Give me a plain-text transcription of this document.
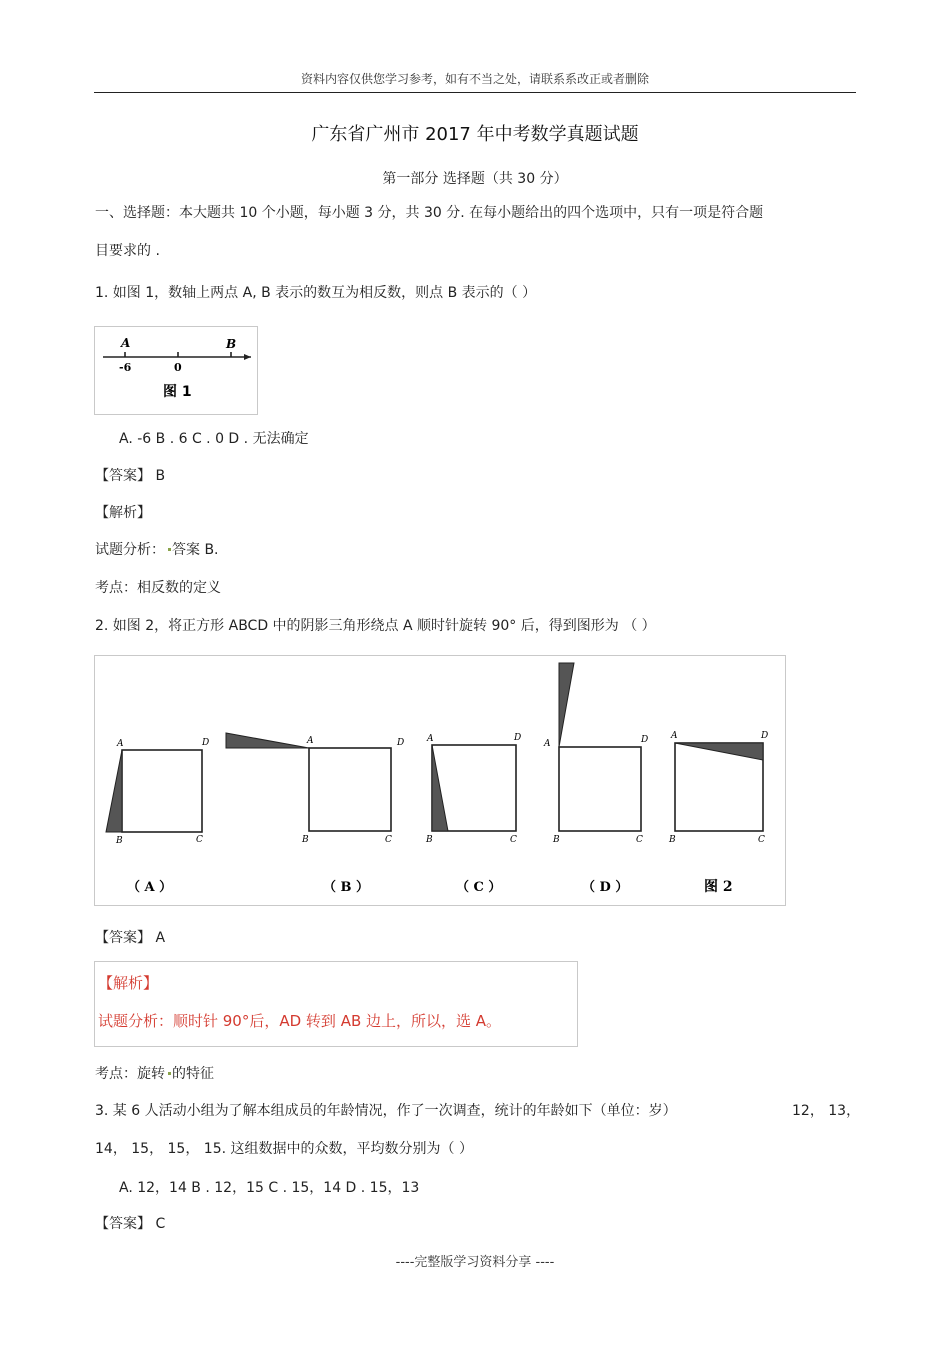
资料内容仅供您学习参考，如有不当之处，请联系系改正或者删除
广东省广州市 2017 年中考数学真题试题
第一部分 选择题（共 30 分）
一、选择题：本大题共 10 个小题，每小题 3 分，共 30 分. 在每小题给出的四个选项中，只有一项是符合题
目要求的 .
1. 如图 1，数轴上两点 A, B 表示的数互为相反数，则点 B 表示的（ ）
A	B
-6	0
图 1
A. -6 B . 6 C . 0 D . 无法确定
【答案】 B
【解析】
试题分析： 答案 B.
考点：相反数的定义
2. 如图 2，将正方形 ABCD 中的阴影三角形绕点 A 顺时针旋转 90° 后，得到图形为 （ ）
A	D
B	C
（ A ）
A	D
B	C
（ B ）
A	D
B	C
（ C ）
A	D
B	C
（ D ）
A	D
B	C
图 2
【答案】 A
【解析】
试题分析：顺时针 90°后，AD 转到 AB 边上，所以，选 A。
考点：旋转 的特征
3. 某 6 人活动小组为了解本组成员的年龄情况，作了一次调查，统计的年龄如下（单位：岁）	12， 13，
14， 15， 15， 15. 这组数据中的众数，平均数分别为（ ）
A. 12，14 B . 12，15 C . 15，14 D . 15，13
【答案】 C
----完整版学习资料分享 ----
